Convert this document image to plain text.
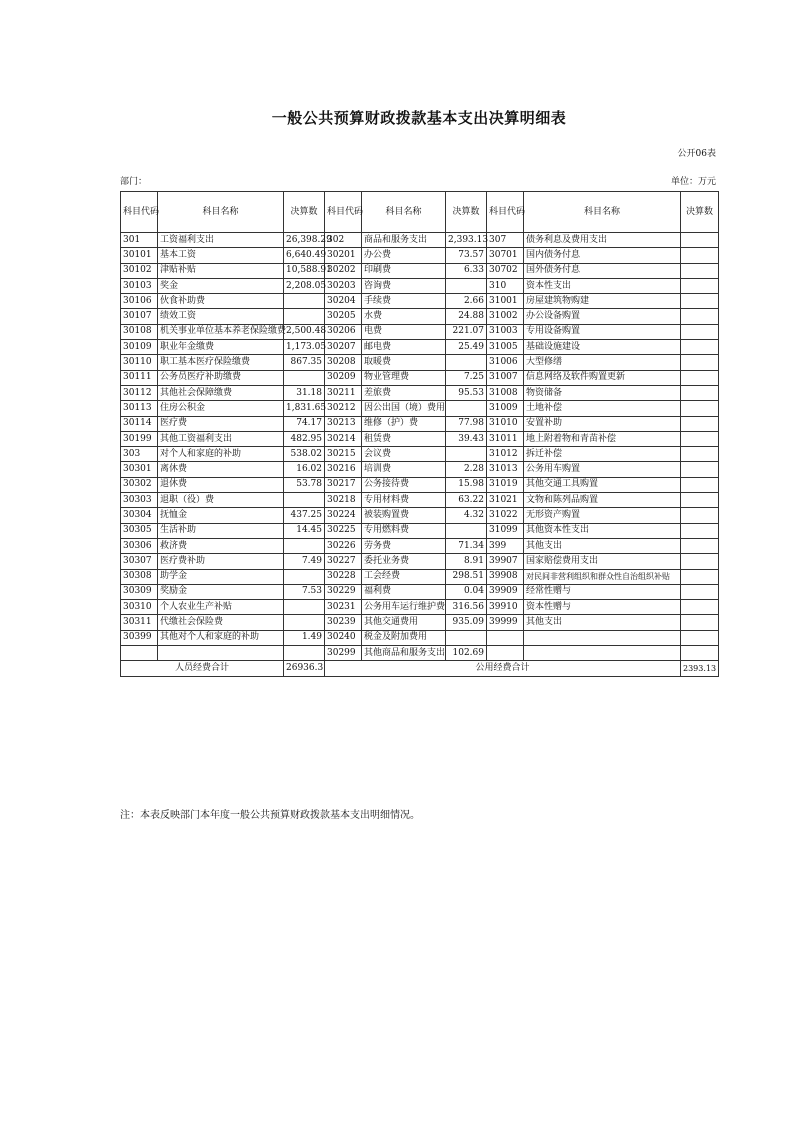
一般公共预算财政拨款基本支出决算明细表
公开06表
部门：	单位：万元
科目代码	科目名称	决算数	科目代码	科目名称	决算数	科目代码	科目名称	决算数
301	工资福利支出	26,398.29	302	商品和服务支出	2,393.13	307	债务利息及费用支出	
30101	基本工资	6,640.49	30201	办公费	73.57	30701	国内债务付息	
30102	津贴补贴	10,588.91	30202	印刷费	6.33	30702	国外债务付息	
30103	奖金	2,208.05	30203	咨询费		310	资本性支出	
30106	伙食补助费		30204	手续费	2.66	31001	房屋建筑物购建	
30107	绩效工资		30205	水费	24.88	31002	办公设备购置	
30108	机关事业单位基本养老保险缴费	2,500.48	30206	电费	221.07	31003	专用设备购置	
30109	职业年金缴费	1,173.05	30207	邮电费	25.49	31005	基础设施建设	
30110	职工基本医疗保险缴费	867.35	30208	取暖费		31006	大型修缮	
30111	公务员医疗补助缴费		30209	物业管理费	7.25	31007	信息网络及软件购置更新	
30112	其他社会保障缴费	31.18	30211	差旅费	95.53	31008	物资储备	
30113	住房公积金	1,831.65	30212	因公出国（境）费用		31009	土地补偿	
30114	医疗费	74.17	30213	维修（护）费	77.98	31010	安置补助	
30199	其他工资福利支出	482.95	30214	租赁费	39.43	31011	地上附着物和青苗补偿	
303	对个人和家庭的补助	538.02	30215	会议费		31012	拆迁补偿	
30301	离休费	16.02	30216	培训费	2.28	31013	公务用车购置	
30302	退休费	53.78	30217	公务接待费	15.98	31019	其他交通工具购置	
30303	退职（役）费		30218	专用材料费	63.22	31021	文物和陈列品购置	
30304	抚恤金	437.25	30224	被装购置费	4.32	31022	无形资产购置	
30305	生活补助	14.45	30225	专用燃料费		31099	其他资本性支出	
30306	救济费		30226	劳务费	71.34	399	其他支出	
30307	医疗费补助	7.49	30227	委托业务费	8.91	39907	国家赔偿费用支出	
30308	助学金		30228	工会经费	298.51	39908	对民间非营利组织和群众性自治组织补贴	
30309	奖励金	7.53	30229	福利费	0.04	39909	经常性赠与	
30310	个人农业生产补贴		30231	公务用车运行维护费	316.56	39910	资本性赠与	
30311	代缴社会保险费		30239	其他交通费用	935.09	39999	其他支出	
30399	其他对个人和家庭的补助	1.49	30240	税金及附加费用				
			30299	其他商品和服务支出	102.69			
人员经费合计		26936.3	公用经费合计					2393.13
注：本表反映部门本年度一般公共预算财政拨款基本支出明细情况。
